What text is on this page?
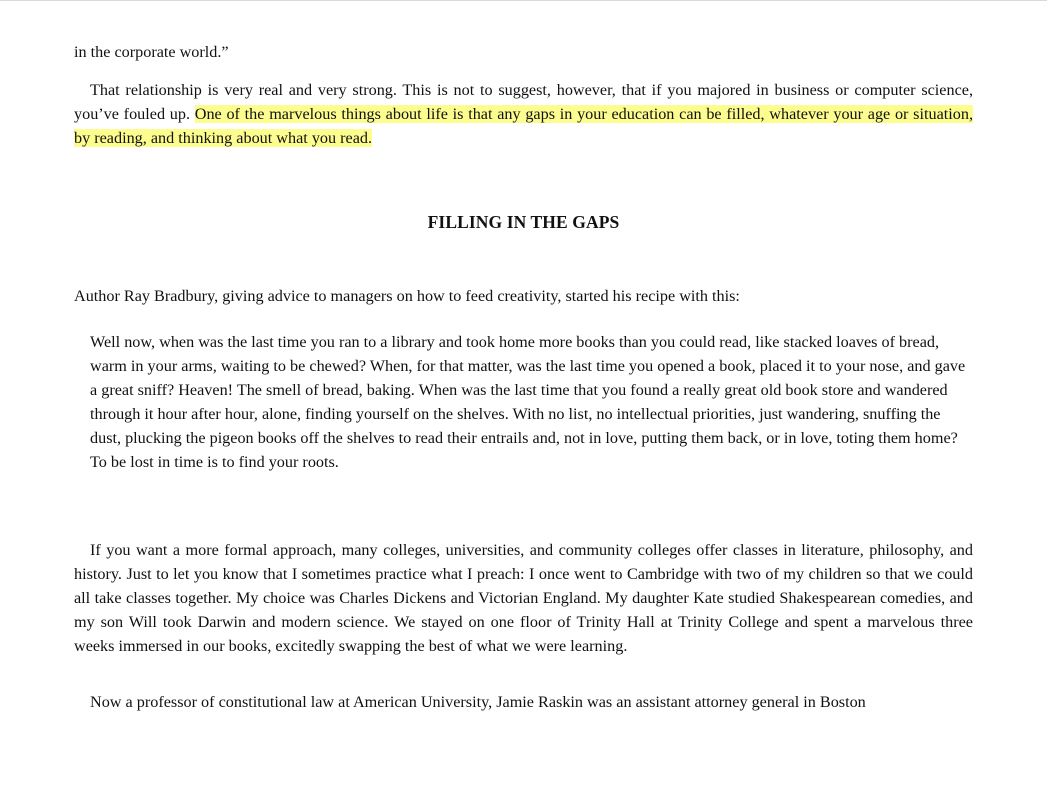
in the corporate world.”

That relationship is very real and very strong. This is not to suggest, however, that if you majored in business or computer science, you’ve fouled up. One of the marvelous things about life is that any gaps in your education can be filled, whatever your age or situation, by reading, and thinking about what you read.

FILLING IN THE GAPS

Author Ray Bradbury, giving advice to managers on how to feed creativity, started his recipe with this:

Well now, when was the last time you ran to a library and took home more books than you could read, like stacked loaves of bread, warm in your arms, waiting to be chewed? When, for that matter, was the last time you opened a book, placed it to your nose, and gave a great sniff? Heaven! The smell of bread, baking. When was the last time that you found a really great old book store and wandered through it hour after hour, alone, finding yourself on the shelves. With no list, no intellectual priorities, just wandering, snuffing the dust, plucking the pigeon books off the shelves to read their entrails and, not in love, putting them back, or in love, toting them home? To be lost in time is to find your roots.

If you want a more formal approach, many colleges, universities, and community colleges offer classes in literature, philosophy, and history. Just to let you know that I sometimes practice what I preach: I once went to Cambridge with two of my children so that we could all take classes together. My choice was Charles Dickens and Victorian England. My daughter Kate studied Shakespearean comedies, and my son Will took Darwin and modern science. We stayed on one floor of Trinity Hall at Trinity College and spent a marvelous three weeks immersed in our books, excitedly swapping the best of what we were learning.

Now a professor of constitutional law at American University, Jamie Raskin was an assistant attorney general in Boston
